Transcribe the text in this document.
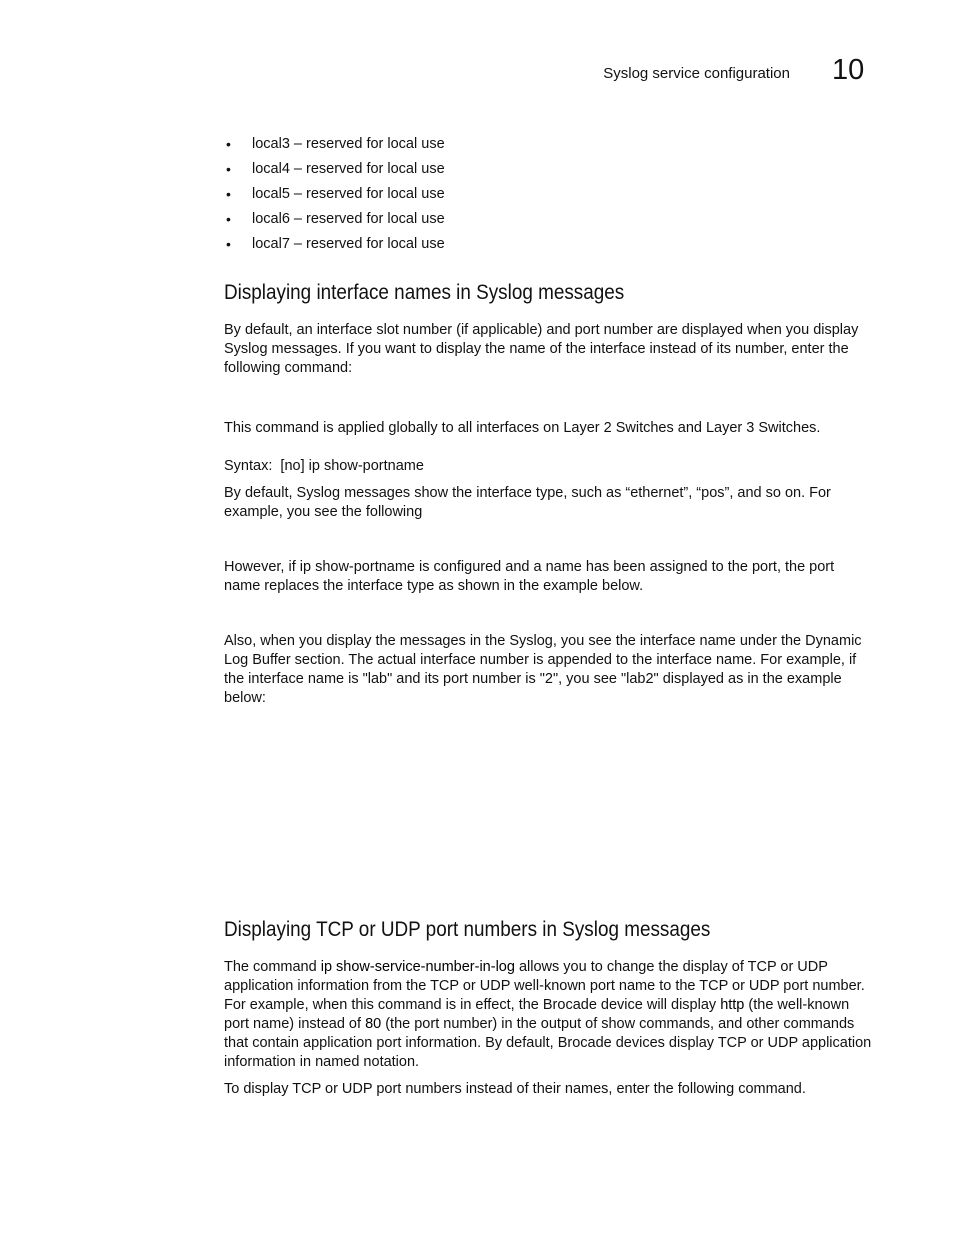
Syslog service configuration 10
• local3 – reserved for local use
• local4 – reserved for local use
• local5 – reserved for local use
• local6 – reserved for local use
• local7 – reserved for local use
Displaying interface names in Syslog messages

By default, an interface slot number (if applicable) and port number are displayed when you display Syslog messages. If you want to display the name of the interface instead of its number, enter the following command:

This command is applied globally to all interfaces on Layer 2 Switches and Layer 3 Switches.

Syntax: [no] ip show-portname

By default, Syslog messages show the interface type, such as “ethernet”, “pos”, and so on. For example, you see the following

However, if ip show-portname is configured and a name has been assigned to the port, the port name replaces the interface type as shown in the example below.

Also, when you display the messages in the Syslog, you see the interface name under the Dynamic Log Buffer section. The actual interface number is appended to the interface name. For example, if the interface name is "lab" and its port number is "2", you see "lab2" displayed as in the example below:

Displaying TCP or UDP port numbers in Syslog messages

The command ip show-service-number-in-log allows you to change the display of TCP or UDP application information from the TCP or UDP well-known port name to the TCP or UDP port number. For example, when this command is in effect, the Brocade device will display http (the well-known port name) instead of 80 (the port number) in the output of show commands, and other commands that contain application port information. By default, Brocade devices display TCP or UDP application information in named notation.

To display TCP or UDP port numbers instead of their names, enter the following command.
